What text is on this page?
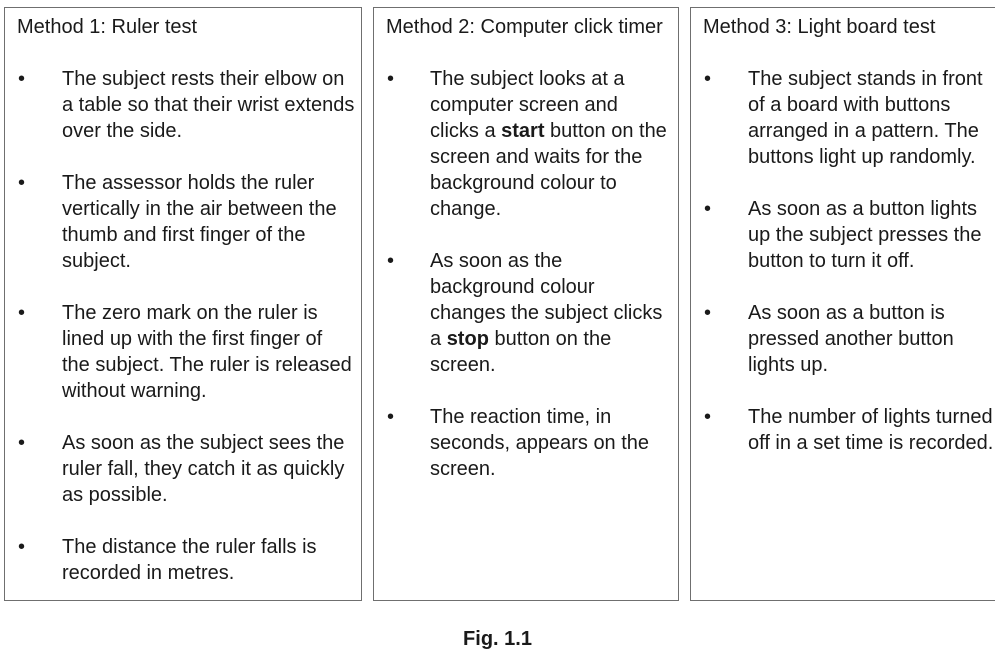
Method 1: Ruler test
• The subject rests their elbow on a table so that their wrist extends over the side.
• The assessor holds the ruler vertically in the air between the thumb and first finger of the subject.
• The zero mark on the ruler is lined up with the first finger of the subject. The ruler is released without warning.
• As soon as the subject sees the ruler fall, they catch it as quickly as possible.
• The distance the ruler falls is recorded in metres.
Method 2: Computer click timer
• The subject looks at a computer screen and clicks a start button on the screen and waits for the background colour to change.
• As soon as the background colour changes the subject clicks a stop button on the screen.
• The reaction time, in seconds, appears on the screen.
Method 3: Light board test
• The subject stands in front of a board with buttons arranged in a pattern. The buttons light up randomly.
• As soon as a button lights up the subject presses the button to turn it off.
• As soon as a button is pressed another button lights up.
• The number of lights turned off in a set time is recorded.
Fig. 1.1
